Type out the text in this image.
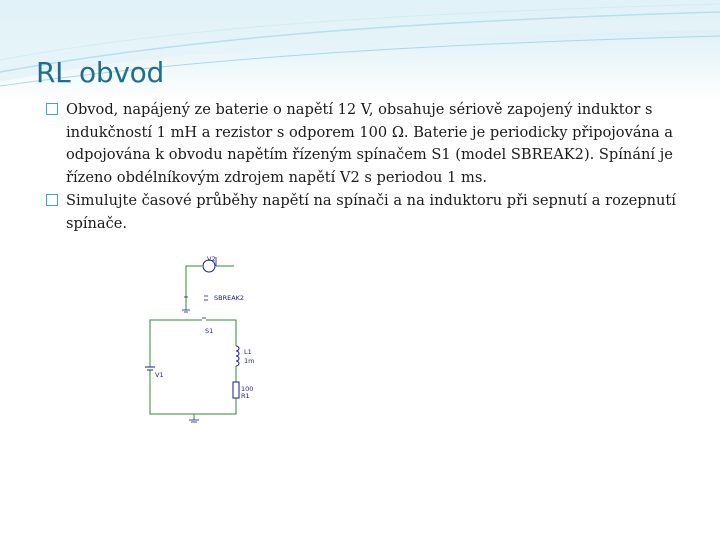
RL obvod

Obvod, napájený ze baterie o napětí 12 V, obsahuje sériově zapojený induktor s indukčností 1 mH a rezistor s odporem 100 Ω. Baterie je periodicky připojována a odpojována k obvodu napětím řízeným spínačem S1 (model SBREAK2). Spínání je řízeno obdélníkovým zdrojem napětí V2 s periodou 1 ms.

Simulujte časové průběhy napětí na spínači a na induktoru při sepnutí a rozepnutí spínače.

V2
SBREAK2
S1
V1
L1
1m
100
R1
